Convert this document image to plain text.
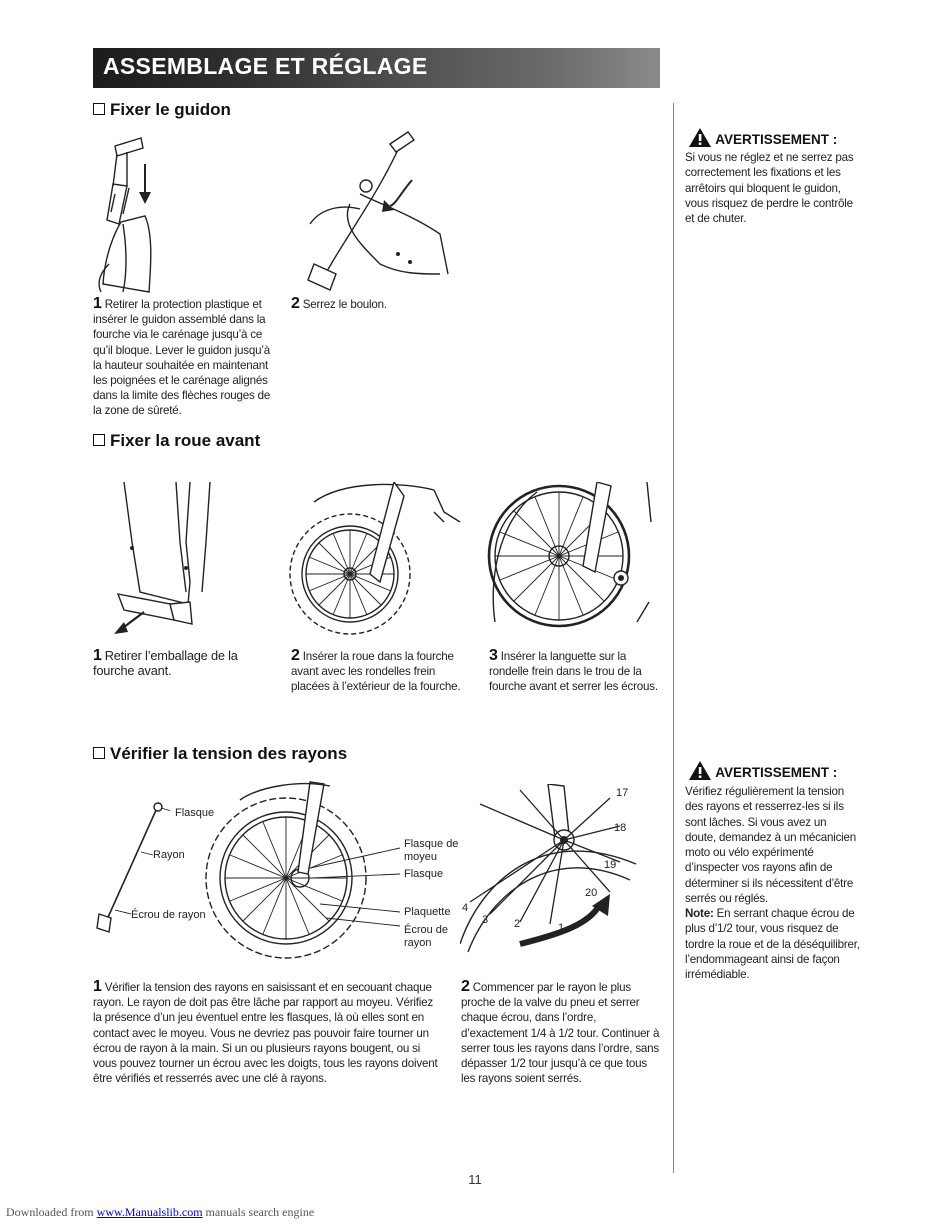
ASSEMBLAGE ET RÉGLAGE
Fixer le guidon
1 Retirer la protection plastique et insérer le guidon assemblé dans la fourche via le carénage jusqu’à ce qu’il bloque. Lever le guidon jusqu’à la hauteur souhaitée en maintenant les poignées et le carénage alignés dans la limite des flèches rouges de la zone de sûreté.
2 Serrez le boulon.
AVERTISSEMENT :
Si vous ne réglez et ne serrez pas correctement les fixations et les arrêtoirs qui bloquent le guidon, vous risquez de perdre le contrôle et de chuter.
Fixer la roue avant
1 Retirer l’emballage de la fourche avant.
2 Insérer la roue dans la fourche avant avec les rondelles frein placées à l’extérieur de la fourche.
3 Insérer la languette sur la rondelle frein dans le trou de la fourche avant et serrer les écrous.
Vérifier la tension des rayons
Flasque
Rayon
Écrou de rayon
Flasque de
moyeu
Flasque
Plaquette
Écrou de
rayon
17
18
19
20
4
3 2	1
1 Vérifier la tension des rayons en saisissant et en secouant chaque rayon. Le rayon de doit pas être lâche par rapport au moyeu. Vérifiez la présence d’un jeu éventuel entre les flasques, là où elles sont en contact avec le moyeu. Vous ne devriez pas pouvoir faire tourner un écrou de rayon à la main. Si un ou plusieurs rayons bougent, ou si vous pouvez tourner un écrou avec les doigts, tous les rayons doivent être vérifiés et resserrés avec une clé à rayons.
2 Commencer par le rayon le plus proche de la valve du pneu et serrer chaque écrou, dans l’ordre, d’exactement 1/4 à 1/2 tour. Continuer à serrer tous les rayons dans l’ordre, sans dépasser 1/2 tour jusqu’à ce que tous les rayons soient serrés.
AVERTISSEMENT :
Vérifiez régulièrement la tension des rayons et resserrez-les si ils sont lâches. Si vous avez un doute, demandez à un mécanicien moto ou vélo expérimenté d’inspecter vos rayons afin de déterminer si ils nécessitent d’être serrés ou réglés.
Note: En serrant chaque écrou de plus d’1/2 tour, vous risquez de tordre la roue et de la déséquilibrer, l’endommageant ainsi de façon irrémédiable.
11
Downloaded from www.Manualslib.com manuals search engine
